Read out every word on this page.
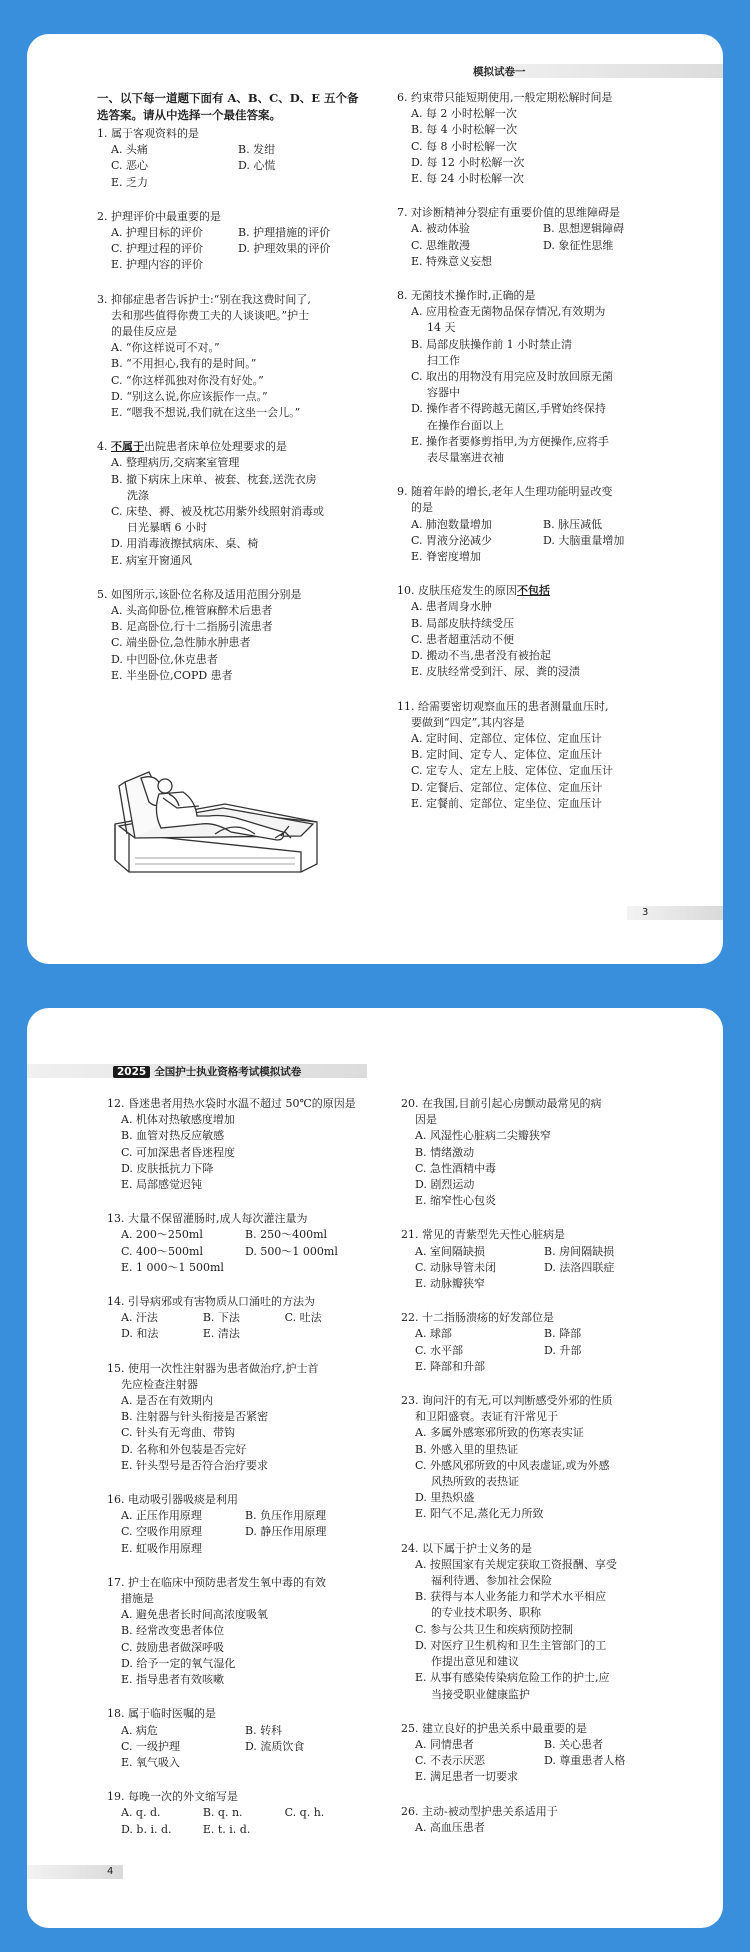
模拟试卷一
一、以下每一道题下面有 A、B、C、D、E 五个备选答案。请从中选择一个最佳答案。
1. 属于客观资料的是
A. 头痛	B. 发绀
C. 恶心	D. 心慌
E. 乏力
2. 护理评价中最重要的是
A. 护理目标的评价	B. 护理措施的评价
C. 护理过程的评价	D. 护理效果的评价
E. 护理内容的评价
3. 抑郁症患者告诉护士:“别在我这费时间了,
去和那些值得你费工夫的人谈谈吧。”护士
的最佳反应是
A. “你这样说可不对。”
B. “不用担心,我有的是时间。”
C. “你这样孤独对你没有好处。”
D. “别这么说,你应该振作一点。”
E. “嗯我不想说,我们就在这坐一会儿。”
4. 不属于出院患者床单位处理要求的是
A. 整理病历,交病案室管理
B. 撤下病床上床单、被套、枕套,送洗衣房
洗涤
C. 床垫、褥、被及枕芯用紫外线照射消毒或
日光暴晒 6 小时
D. 用消毒液擦拭病床、桌、椅
E. 病室开窗通风
5. 如图所示,该卧位名称及适用范围分别是
A. 头高仰卧位,椎管麻醉术后患者
B. 足高卧位,行十二指肠引流患者
C. 端坐卧位,急性肺水肿患者
D. 中凹卧位,休克患者
E. 半坐卧位,COPD 患者
6. 约束带只能短期使用,一般定期松解时间是
A. 每 2 小时松解一次
B. 每 4 小时松解一次
C. 每 8 小时松解一次
D. 每 12 小时松解一次
E. 每 24 小时松解一次
7. 对诊断精神分裂症有重要价值的思维障碍是
A. 被动体验	B. 思想逻辑障碍
C. 思维散漫	D. 象征性思维
E. 特殊意义妄想
8. 无菌技术操作时,正确的是
A. 应用检查无菌物品保存情况,有效期为
14 天
B. 局部皮肤操作前 1 小时禁止清
扫工作
C. 取出的用物没有用完应及时放回原无菌
容器中
D. 操作者不得跨越无菌区,手臂始终保持
在操作台面以上
E. 操作者要修剪指甲,为方便操作,应将手
表尽量塞进衣袖
9. 随着年龄的增长,老年人生理功能明显改变
的是
A. 肺泡数量增加	B. 脉压减低
C. 胃液分泌减少	D. 大脑重量增加
E. 脊密度增加
10. 皮肤压疮发生的原因不包括
A. 患者周身水肿
B. 局部皮肤持续受压
C. 患者超重活动不便
D. 搬动不当,患者没有被抬起
E. 皮肤经常受到汗、尿、粪的浸渍
11. 给需要密切观察血压的患者测量血压时,
要做到“四定”,其内容是
A. 定时间、定部位、定体位、定血压计
B. 定时间、定专人、定体位、定血压计
C. 定专人、定左上肢、定体位、定血压计
D. 定餐后、定部位、定体位、定血压计
E. 定餐前、定部位、定坐位、定血压计
3
2025 全国护士执业资格考试模拟试卷
12. 昏迷患者用热水袋时水温不超过 50℃的原因是
A. 机体对热敏感度增加
B. 血管对热反应敏感
C. 可加深患者昏迷程度
D. 皮肤抵抗力下降
E. 局部感觉迟钝
13. 大量不保留灌肠时,成人每次灌注量为
A. 200～250ml	B. 250～400ml
C. 400～500ml	D. 500～1 000ml
E. 1 000～1 500ml
14. 引导病邪或有害物质从口涌吐的方法为
A. 汗法	B. 下法	C. 吐法
D. 和法	E. 清法
15. 使用一次性注射器为患者做治疗,护士首
先应检查注射器
A. 是否在有效期内
B. 注射器与针头衔接是否紧密
C. 针头有无弯曲、带钩
D. 名称和外包装是否完好
E. 针头型号是否符合治疗要求
16. 电动吸引器吸痰是利用
A. 正压作用原理	B. 负压作用原理
C. 空吸作用原理	D. 静压作用原理
E. 虹吸作用原理
17. 护士在临床中预防患者发生氧中毒的有效
措施是
A. 避免患者长时间高浓度吸氧
B. 经常改变患者体位
C. 鼓励患者做深呼吸
D. 给予一定的氧气湿化
E. 指导患者有效咳嗽
18. 属于临时医嘱的是
A. 病危	B. 转科
C. 一级护理	D. 流质饮食
E. 氧气吸入
19. 每晚一次的外文缩写是
A. q. d.	B. q. n.	C. q. h.
D. b. i. d.	E. t. i. d.
20. 在我国,目前引起心房颤动最常见的病
因是
A. 风湿性心脏病二尖瓣狭窄
B. 情绪激动
C. 急性酒精中毒
D. 剧烈运动
E. 缩窄性心包炎
21. 常见的青紫型先天性心脏病是
A. 室间隔缺损	B. 房间隔缺损
C. 动脉导管未闭	D. 法洛四联症
E. 动脉瓣狭窄
22. 十二指肠溃疡的好发部位是
A. 球部	B. 降部
C. 水平部	D. 升部
E. 降部和升部
23. 询问汗的有无,可以判断感受外邪的性质
和卫阳盛衰。表证有汗常见于
A. 多属外感寒邪所致的伤寒表实证
B. 外感入里的里热证
C. 外感风邪所致的中风表虚证,或为外感
风热所致的表热证
D. 里热炽盛
E. 阳气不足,蒸化无力所致
24. 以下属于护士义务的是
A. 按照国家有关规定获取工资报酬、享受
福利待遇、参加社会保险
B. 获得与本人业务能力和学术水平相应
的专业技术职务、职称
C. 参与公共卫生和疾病预防控制
D. 对医疗卫生机构和卫生主管部门的工
作提出意见和建议
E. 从事有感染传染病危险工作的护士,应
当接受职业健康监护
25. 建立良好的护患关系中最重要的是
A. 同情患者	B. 关心患者
C. 不表示厌恶	D. 尊重患者人格
E. 满足患者一切要求
26. 主动-被动型护患关系适用于
A. 高血压患者
4
